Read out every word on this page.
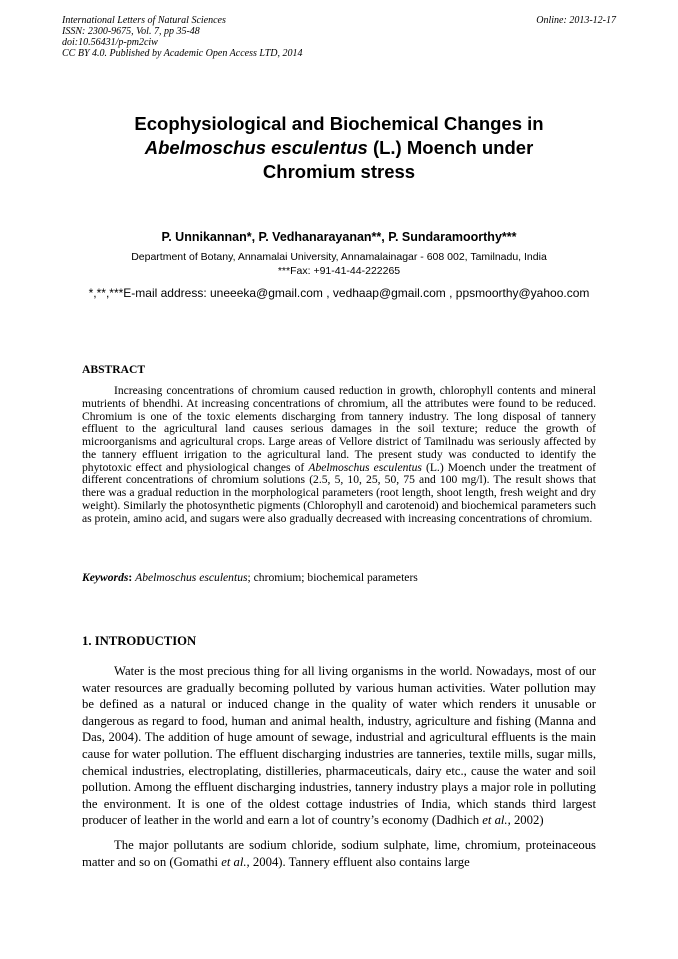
International Letters of Natural Sciences
ISSN: 2300-9675, Vol. 7, pp 35-48
doi:10.56431/p-pm2ciw
CC BY 4.0. Published by Academic Open Access LTD, 2014
Online: 2013-12-17
Ecophysiological and Biochemical Changes in
Abelmoschus esculentus (L.) Moench under
Chromium stress
P. Unnikannan*, P. Vedhanarayanan**, P. Sundaramoorthy***
Department of Botany, Annamalai University, Annamalainagar - 608 002, Tamilnadu, India
***Fax: +91-41-44-222265
*,**,***E-mail address: uneeeka@gmail.com , vedhaap@gmail.com , ppsmoorthy@yahoo.com
ABSTRACT

Increasing concentrations of chromium caused reduction in growth, chlorophyll contents and mineral mutrients of bhendhi. At increasing concentrations of chromium, all the attributes were found to be reduced. Chromium is one of the toxic elements discharging from tannery industry. The long disposal of tannery effluent to the agricultural land causes serious damages in the soil texture; reduce the growth of microorganisms and agricultural crops. Large areas of Vellore district of Tamilnadu was seriously affected by the tannery effluent irrigation to the agricultural land. The present study was conducted to identify the phytotoxic effect and physiological changes of Abelmoschus esculentus (L.) Moench under the treatment of different concentrations of chromium solutions (2.5, 5, 10, 25, 50, 75 and 100 mg/l). The result shows that there was a gradual reduction in the morphological parameters (root length, shoot length, fresh weight and dry weight). Similarly the photosynthetic pigments (Chlorophyll and carotenoid) and biochemical parameters such as protein, amino acid, and sugars were also gradually decreased with increasing concentrations of chromium.

Keywords: Abelmoschus esculentus; chromium; biochemical parameters
1. INTRODUCTION

Water is the most precious thing for all living organisms in the world. Nowadays, most of our water resources are gradually becoming polluted by various human activities. Water pollution may be defined as a natural or induced change in the quality of water which renders it unusable or dangerous as regard to food, human and animal health, industry, agriculture and fishing (Manna and Das, 2004). The addition of huge amount of sewage, industrial and agricultural effluents is the main cause for water pollution. The effluent discharging industries are tanneries, textile mills, sugar mills, chemical industries, electroplating, distilleries, pharmaceuticals, dairy etc., cause the water and soil pollution. Among the effluent discharging industries, tannery industry plays a major role in polluting the environment. It is one of the oldest cottage industries of India, which stands third largest producer of leather in the world and earn a lot of country’s economy (Dadhich et al., 2002)

The major pollutants are sodium chloride, sodium sulphate, lime, chromium, proteinaceous matter and so on (Gomathi et al., 2004). Tannery effluent also contains large
